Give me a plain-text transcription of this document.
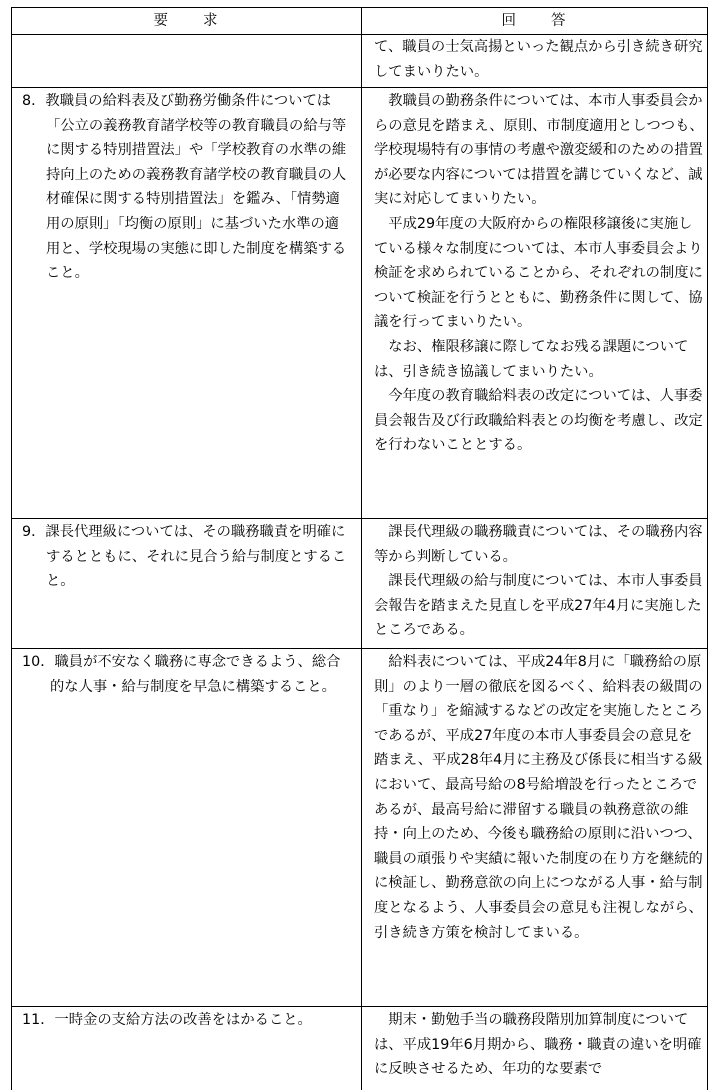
要　　求	回　　答

て、職員の士気高揚といった観点から引き続き研究してまいりたい。

8．教職員の給料表及び勤務労働条件については「公立の義務教育諸学校等の教育職員の給与等に関する特別措置法」や「学校教育の水準の維持向上のための義務教育諸学校の教育職員の人材確保に関する特別措置法」を鑑み、「情勢適用の原則」「均衡の原則」に基づいた水準の適用と、学校現場の実態に即した制度を構築すること。

教職員の勤務条件については、本市人事委員会からの意見を踏まえ、原則、市制度適用としつつも、学校現場特有の事情の考慮や激変緩和のための措置が必要な内容については措置を講じていくなど、誠実に対応してまいりたい。

平成29年度の大阪府からの権限移譲後に実施している様々な制度については、本市人事委員会より検証を求められていることから、それぞれの制度について検証を行うとともに、勤務条件に関して、協議を行ってまいりたい。

なお、権限移譲に際してなお残る課題については、引き続き協議してまいりたい。

今年度の教育職給料表の改定については、人事委員会報告及び行政職給料表との均衡を考慮し、改定を行わないこととする。

9．課長代理級については、その職務職責を明確にするとともに、それに見合う給与制度とすること。

課長代理級の職務職責については、その職務内容等から判断している。

課長代理級の給与制度については、本市人事委員会報告を踏まえた見直しを平成27年4月に実施したところである。

10．職員が不安なく職務に専念できるよう、総合的な人事・給与制度を早急に構築すること。

給料表については、平成24年8月に「職務給の原則」のより一層の徹底を図るべく、給料表の級間の「重なり」を縮減するなどの改定を実施したところであるが、平成27年度の本市人事委員会の意見を踏まえ、平成28年4月に主務及び係長に相当する級において、最高号給の8号給増設を行ったところであるが、最高号給に滞留する職員の執務意欲の維持・向上のため、今後も職務給の原則に沿いつつ、職員の頑張りや実績に報いた制度の在り方を継続的に検証し、勤務意欲の向上につながる人事・給与制度となるよう、人事委員会の意見も注視しながら、引き続き方策を検討してまいる。

11．一時金の支給方法の改善をはかること。	期末・勤勉手当の職務段階別加算制度については、平成19年6月期から、職務・職責の違いを明確に反映させるため、年功的な要素で
